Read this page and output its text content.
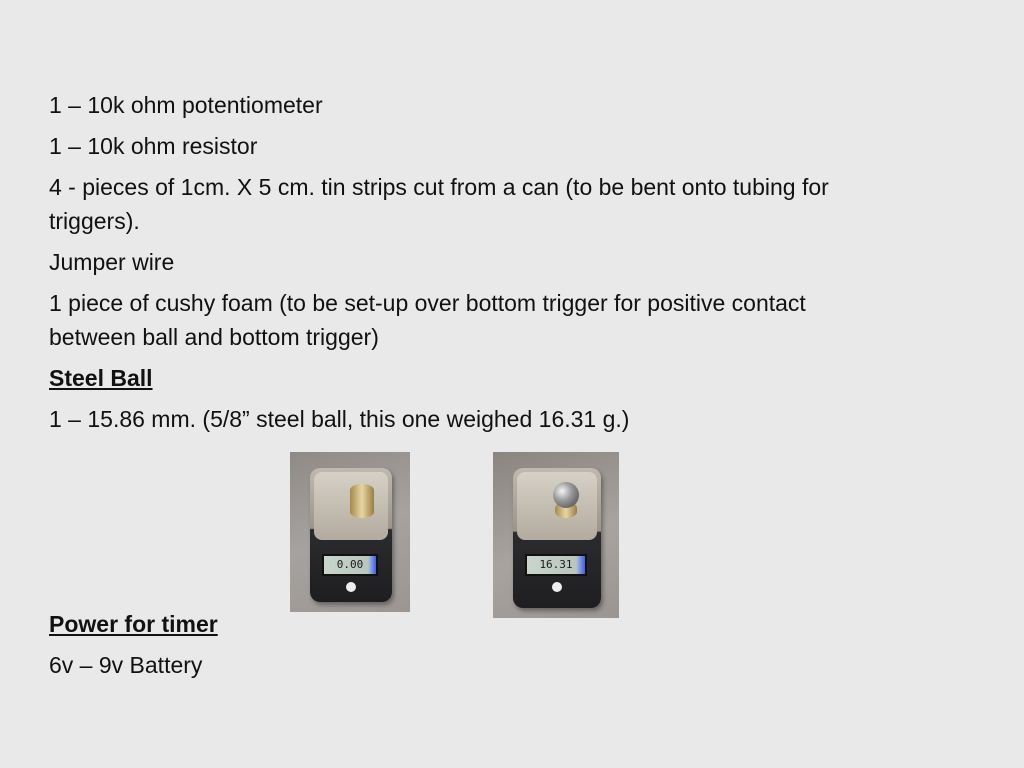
1 – 10k ohm potentiometer
1 – 10k ohm resistor
4 - pieces of 1cm. X 5 cm. tin strips cut from a can (to be bent onto tubing for
triggers).
Jumper wire
1 piece of cushy foam (to be set-up over bottom trigger for positive contact
between ball and bottom trigger)
Steel Ball
1 – 15.86 mm. (5/8” steel ball, this one weighed 16.31 g.)
0.00	16.31
Power for timer
6v – 9v Battery
